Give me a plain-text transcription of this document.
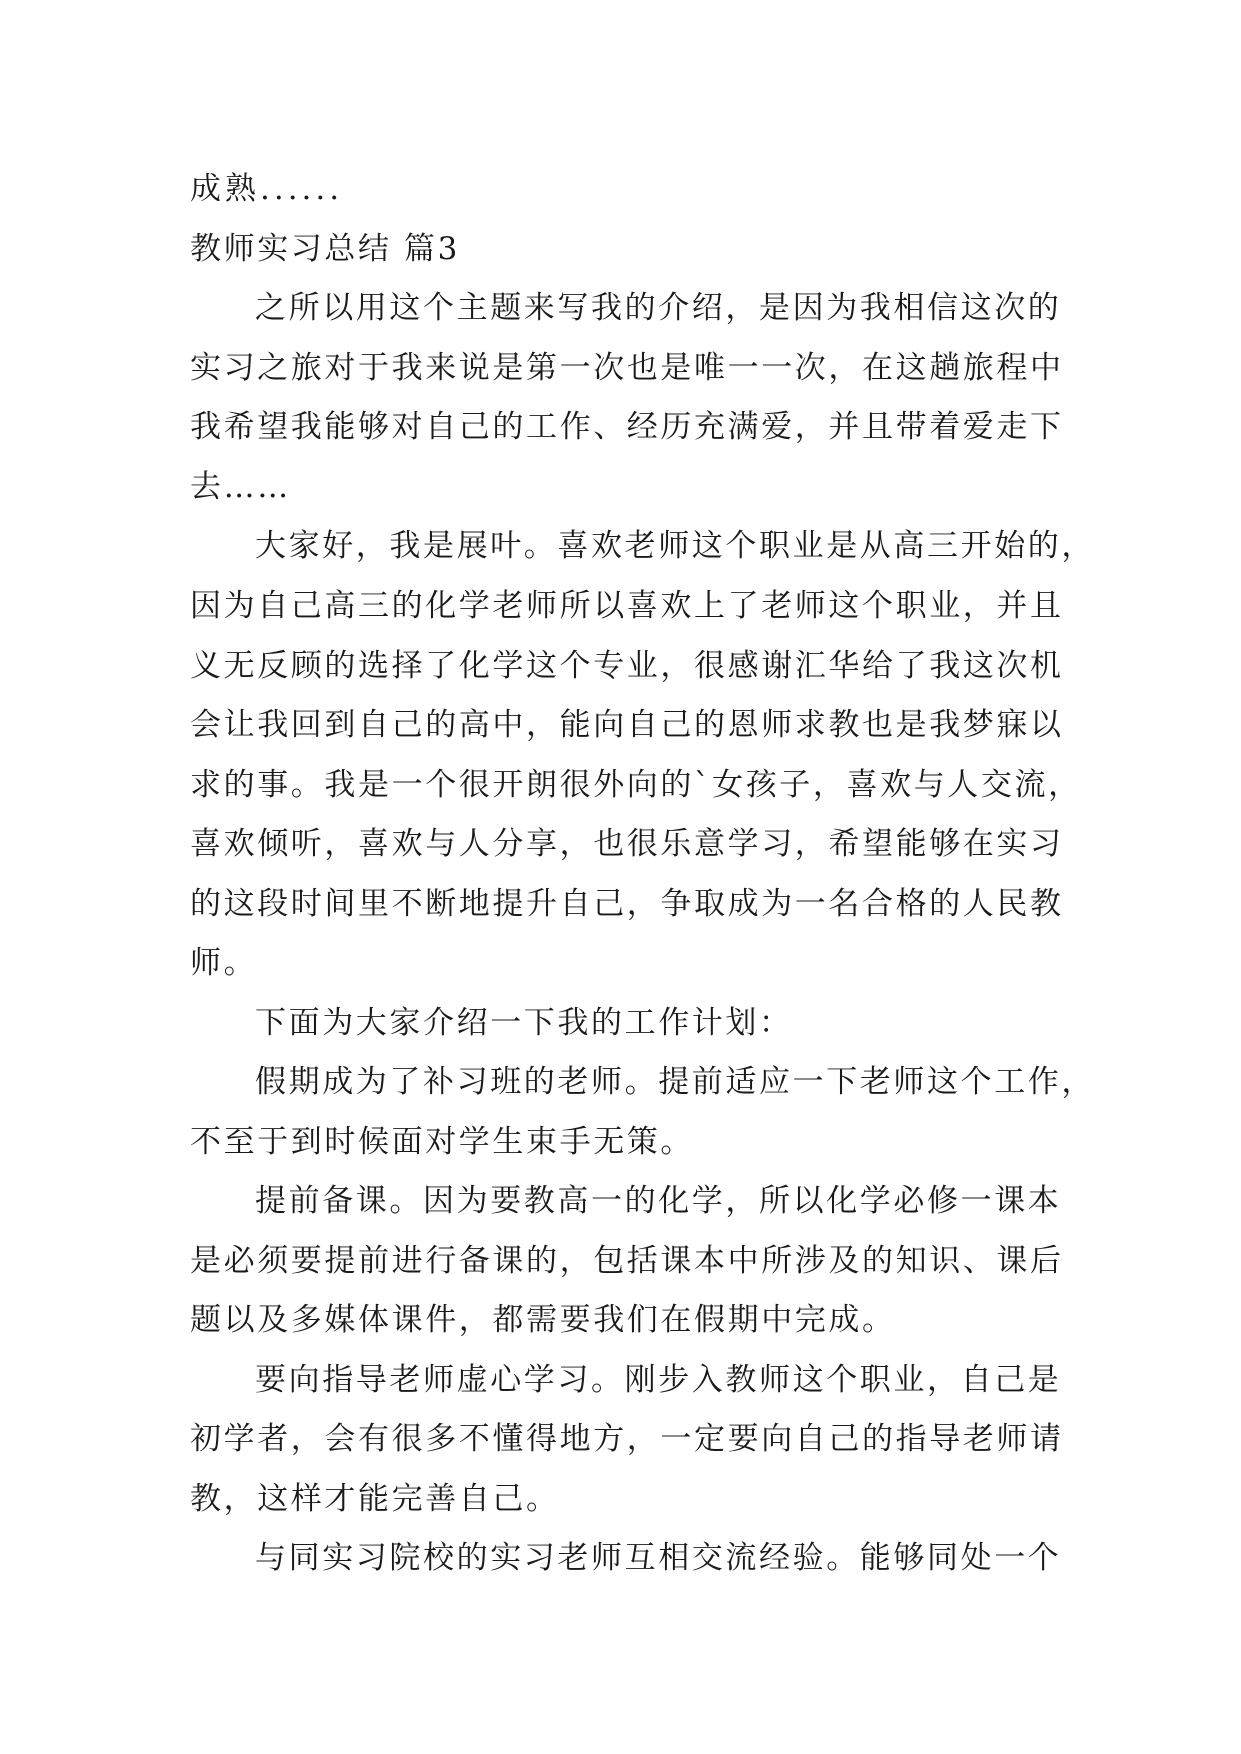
成熟......

教师实习总结 篇3

之所以用这个主题来写我的介绍，是因为我相信这次的

实习之旅对于我来说是第一次也是唯一一次，在这趟旅程中

我希望我能够对自己的工作、经历充满爱，并且带着爱走下

去……

大家好，我是展叶。喜欢老师这个职业是从高三开始的，

因为自己高三的化学老师所以喜欢上了老师这个职业，并且

义无反顾的选择了化学这个专业，很感谢汇华给了我这次机

会让我回到自己的高中，能向自己的恩师求教也是我梦寐以

求的事。我是一个很开朗很外向的`女孩子，喜欢与人交流，

喜欢倾听，喜欢与人分享，也很乐意学习，希望能够在实习

的这段时间里不断地提升自己，争取成为一名合格的人民教

师。

下面为大家介绍一下我的工作计划：

假期成为了补习班的老师。提前适应一下老师这个工作，

不至于到时候面对学生束手无策。

提前备课。因为要教高一的化学，所以化学必修一课本

是必须要提前进行备课的，包括课本中所涉及的知识、课后

题以及多媒体课件，都需要我们在假期中完成。

要向指导老师虚心学习。刚步入教师这个职业，自己是

初学者，会有很多不懂得地方，一定要向自己的指导老师请

教，这样才能完善自己。

与同实习院校的实习老师互相交流经验。能够同处一个
